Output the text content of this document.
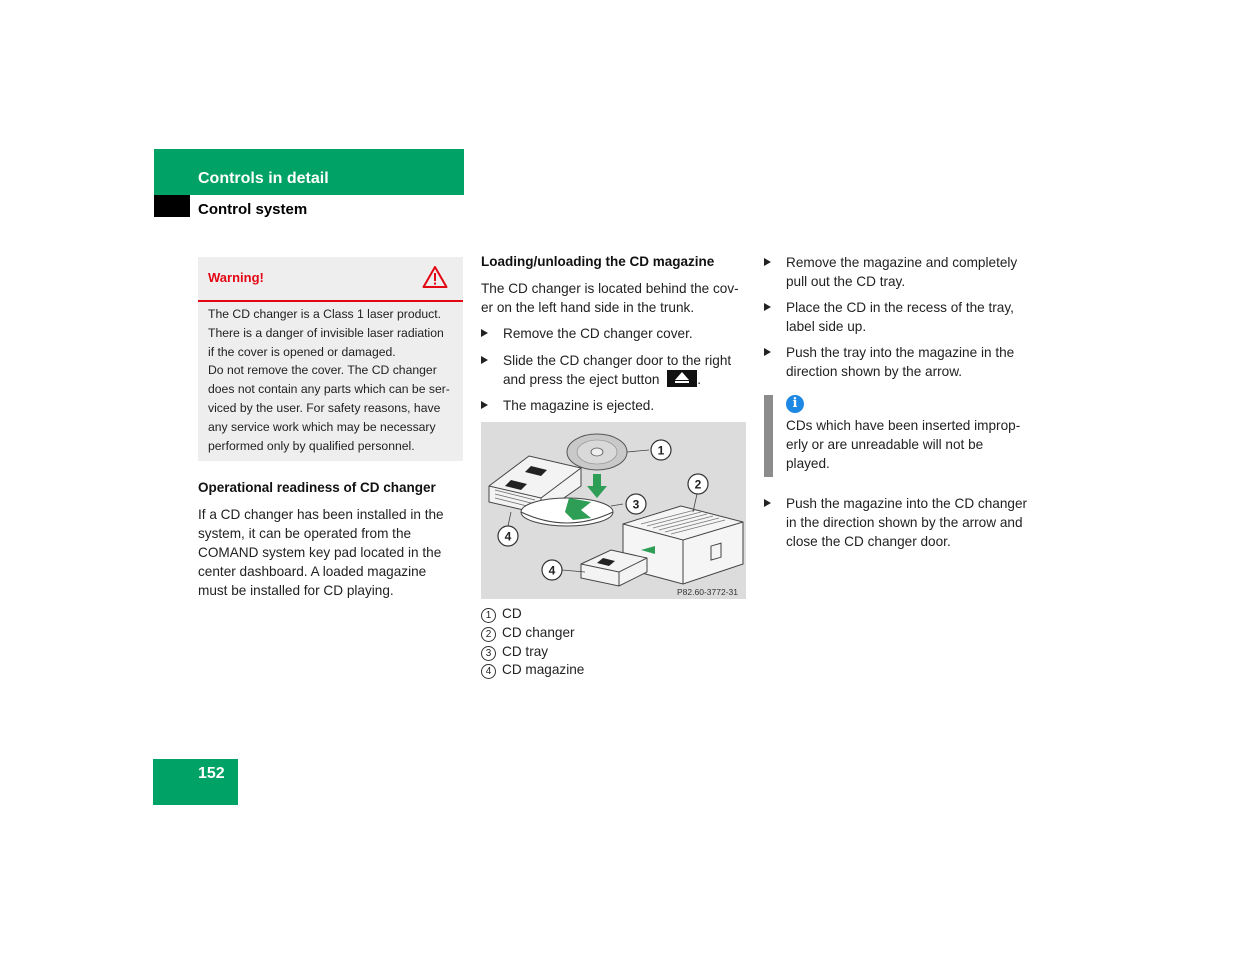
Controls in detail
Control system
Warning!
The CD changer is a Class 1 laser product.
There is a danger of invisible laser radiation
if the cover is opened or damaged.
Do not remove the cover. The CD changer
does not contain any parts which can be ser-
viced by the user. For safety reasons, have
any service work which may be necessary
performed only by qualified personnel.
Operational readiness of CD changer
If a CD changer has been installed in the
system, it can be operated from the
COMAND system key pad located in the
center dashboard. A loaded magazine
must be installed for CD playing.
Loading/unloading the CD magazine
The CD changer is located behind the cov-
er on the left hand side in the trunk.
Remove the CD changer cover.
Slide the CD changer door to the right
and press the eject button	.
The magazine is ejected.
1
2
3
4
4
P82.60-3772-31
1 CD
2 CD changer
3 CD tray
4 CD magazine
Remove the magazine and completely
pull out the CD tray.
Place the CD in the recess of the tray,
label side up.
Push the tray into the magazine in the
direction shown by the arrow.
i
CDs which have been inserted improp-
erly or are unreadable will not be
played.
Push the magazine into the CD changer
in the direction shown by the arrow and
close the CD changer door.
152
